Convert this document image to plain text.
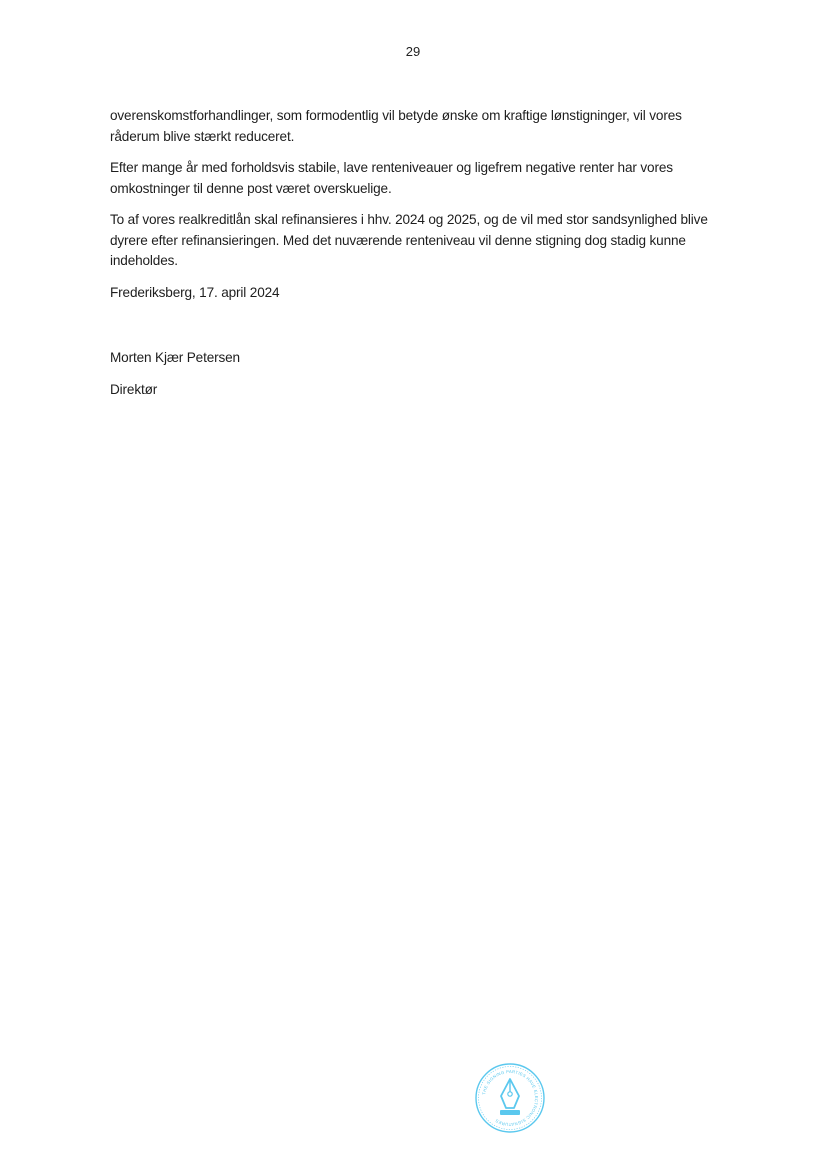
29

overenskomstforhandlinger, som formodentlig vil betyde ønske om kraftige lønstigninger, vil vores råderum blive stærkt reduceret.

Efter mange år med forholdsvis stabile, lave renteniveauer og ligefrem negative renter har vores omkostninger til denne post været overskuelige.

To af vores realkreditlån skal refinansieres i hhv. 2024 og 2025, og de vil med stor sandsynlighed blive dyrere efter refinansieringen. Med det nuværende renteniveau vil denne stigning dog stadig kunne indeholdes.

Frederiksberg, 17. april 2024

Morten Kjær Petersen

Direktør

THE SIGNING PARTIES HAVE ELECTRONIC SIGNATURES
